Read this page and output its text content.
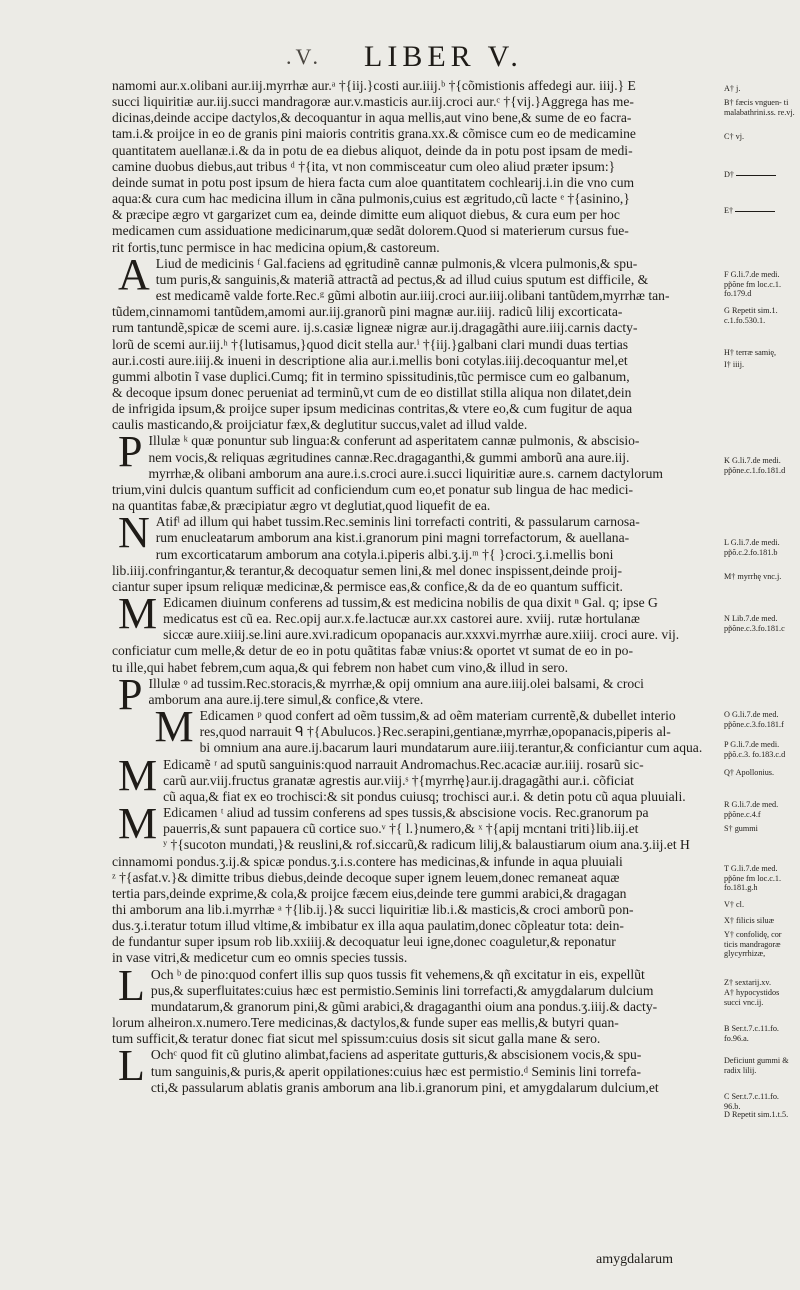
.V. LIBER V.

namomi aur.x.olibani aur.iij.myrrhæ aur.ᵃ †{iij.}costi aur.iiij.ᵇ †{cõmistionis affedegi aur. iiij.} E
succi liquiritiæ aur.iij.succi mandragoræ aur.v.masticis aur.iij.croci aur.ᶜ †{vij.}Aggrega has me-
dicinas,deinde accipe dactylos,& decoquantur in aqua mellis,aut vino bene,& sume de eo facra-
tam.i.& proijce in eo de granis pini maioris contritis grana.xx.& cõmisce cum eo de medicamine
quantitatem auellanæ.i.& da in potu de ea diebus aliquot, deinde da in potu post ipsam de medi-
camine duobus diebus,aut tribus ᵈ †{ita, vt non commisceatur cum oleo aliud præter ipsum:}
deinde sumat in potu post ipsum de hiera facta cum aloe quantitatem cochlearij.i.in die vno cum
aqua:& cura cum hac medicina illum in cãna pulmonis,cuius est ægritudo,cũ lacte ᵉ †{asinino,}
& præcipe ægro vt gargarizet cum ea, deinde dimitte eum aliquot diebus, & cura eum per hoc
medicamen cum assiduatione medicinarum,quæ sedãt dolorem.Quod si materierum cursus fue-
rit fortis,tunc permisce in hac medicina opium,& castoreum.

A Liud de medicinis ᶠ Gal.faciens ad ęgritudinẽ cannæ pulmonis,& vlcera pulmonis,& spu-
tum puris,& sanguinis,& materiã attractã ad pectus,& ad illud cuius sputum est difficile, &
est medicamẽ valde forte.Rec.ᵍ gũmi albotin aur.iiij.croci aur.iiij.olibani tantũdem,myrrhæ tan-
tũdem,cinnamomi tantũdem,amomi aur.iij.granorũ pini magnæ aur.iiij. radicũ lilij excorticata-
rum tantundẽ,spicæ de scemi aure. ij.s.casiæ ligneæ nigræ aur.ij.dragagãthi aure.iiij.carnis dacty-
lorũ de scemi aur.iij.ʰ †{lutisamus,}quod dicit stella aur.ⁱ †{iij.}galbani clari mundi duas tertias
aur.i.costi aure.iiij.& inueni in descriptione alia aur.i.mellis boni cotylas.iiij.decoquantur mel,et
gummi albotin ĩ vase duplici.Cumq; fit in termino spissitudinis,tũc permisce cum eo galbanum,
& decoque ipsum donec perueniat ad terminũ,vt cum de eo distillat stilla aliqua non dilatet,dein
de infrigida ipsum,& proijce super ipsum medicinas contritas,& vtere eo,& cum fugitur de aqua
caulis masticando,& proijciatur fæx,& deglutitur succus,valet ad illud valde.

P Illulæ ᵏ quæ ponuntur sub lingua:& conferunt ad asperitatem cannæ pulmonis, & abscisio-
nem vocis,& reliquas ægritudines cannæ.Rec.dragaganthi,& gummi amborũ ana aure.iij.
myrrhæ,& olibani amborum ana aure.i.s.croci aure.i.succi liquiritiæ aure.s. carnem dactylorum
trium,vini dulcis quantum sufficit ad conficiendum cum eo,et ponatur sub lingua de hac medici-
na quantitas fabæ,& præcipiatur ægro vt deglutiat,quod liquefit de ea.

N Atifˡ ad illum qui habet tussim.Rec.seminis lini torrefacti contriti, & passularum carnosa-
rum enucleatarum amborum ana kist.i.granorum pini magni torrefactorum, & auellana-
rum excorticatarum amborum ana cotyla.i.piperis albi.ʒ.ij.ᵐ †{ }croci.ʒ.i.mellis boni
lib.iiij.confringantur,& terantur,& decoquatur semen lini,& mel donec inspissent,deinde proij-
ciantur super ipsum reliquæ medicinæ,& permisce eas,& confice,& da de eo quantum sufficit.

M Edicamen diuinum conferens ad tussim,& est medicina nobilis de qua dixit ⁿ Gal. q; ipse G
medicatus est cũ ea. Rec.opij aur.x.fe.lactucæ aur.xx castorei aure. xviij. rutæ hortulanæ
siccæ aure.xiiij.se.lini aure.xvi.radicum opopanacis aur.xxxvi.myrrhæ aure.xiiij. croci aure. vij.
conficiatur cum melle,& detur de eo in potu quãtitas fabæ vnius:& oportet vt sumat de eo in po-
tu ille,qui habet febrem,cum aqua,& qui febrem non habet cum vino,& illud in sero.

P Illulæ ᵒ ad tussim.Rec.storacis,& myrrhæ,& opij omnium ana aure.iiij.olei balsami, & croci
amborum ana aure.ij.tere simul,& confice,& vtere.

M Edicamen ᵖ quod confert ad oẽm tussim,& ad oẽm materiam currentẽ,& dubellet interio
res,quod narrauit ᑫ †{Abulucos.}Rec.serapini,gentianæ,myrrhæ,opopanacis,piperis al-
bi omnium ana aure.ij.bacarum lauri mundatarum aure.iiij.terantur,& conficiantur cum aqua.

M Edicamẽ ʳ ad sputũ sanguinis:quod narrauit Andromachus.Rec.acaciæ aur.iiij. rosarũ sic-
carũ aur.viij.fructus granatæ agrestis aur.viij.ˢ †{myrrhę}aur.ij.dragagãthi aur.i. cõficiat
cũ aqua,& fiat ex eo trochisci:& sit pondus cuiusq; trochisci aur.i. & detin potu cũ aqua pluuiali.

M Edicamen ᵗ aliud ad tussim conferens ad spes tussis,& abscisione vocis. Rec.granorum pa
pauerris,& sunt papauera cũ cortice suo.ᵛ †{ l.}numero,& ˣ †{apij mcntani triti}lib.iij.et
ʸ †{sucoton mundati,}& reuslini,& rof.siccarũ,& radicum lilij,& balaustiarum oium ana.ʒ.iij.et H
cinnamomi pondus.ʒ.ij.& spicæ pondus.ʒ.i.s.contere has medicinas,& infunde in aqua pluuiali
ᶻ †{asfat.v.}& dimitte tribus diebus,deinde decoque super ignem leuem,donec remaneat aquæ
tertia pars,deinde exprime,& cola,& proijce fæcem eius,deinde tere gummi arabici,& dragagan
thi amborum ana lib.i.myrrhæ ᵃ †{lib.ij.}& succi liquiritiæ lib.i.& masticis,& croci amborũ pon-
dus.ʒ.i.teratur totum illud vltime,& imbibatur ex illa aqua paulatim,donec cõpleatur tota: dein-
de fundantur super ipsum rob lib.xxiiij.& decoquatur leui igne,donec coaguletur,& reponatur
in vase vitri,& medicetur cum eo omnis species tussis.

L Och ᵇ de pino:quod confert illis sup quos tussis fit vehemens,& qñ excitatur in eis, expellũt
pus,& superfluitates:cuius hæc est permistio.Seminis lini torrefacti,& amygdalarum dulcium
mundatarum,& granorum pini,& gũmi arabici,& dragaganthi oium ana pondus.ʒ.iiij.& dacty-
lorum alheiron.x.numero.Tere medicinas,& dactylos,& funde super eas mellis,& butyri quan-
tum sufficit,& teratur donec fiat sicut mel spissum:cuius dosis sit sicut galla mane & sero.

L Ochᶜ quod fit cũ glutino alimbat,faciens ad asperitate gutturis,& abscisionem vocis,& spu-
tum sanguinis,& puris,& aperit oppilationes:cuius hæc est permistio.ᵈ Seminis lini torrefa-
cti,& passularum ablatis granis amborum ana lib.i.granorum pini, et amygdalarum dulcium,et

A† j.
B† fæcis vnguen- ti malabathrini.ss. re.vj.
C† vj.
D†
E†
F G.li.7.de medi. pp̃õne fm loc.c.1. fo.179.d
G Repetit sim.1. c.1.fo.530.1.
H† terræ samię,
I† iiij.
K G.li.7.de medi. pp̃õne.c.1.fo.181.d
L G.li.7.de medi. pp̃õ.c.2.fo.181.b
M† myrrhę vnc.j.
N Lib.7.de med. pp̃õne.c.3.fo.181.c
O G.li.7.de med. pp̃õne.c.3.fo.181.f
P G.li.7.de medi. pp̃õ.c.3. fo.183.c.d
Q† Apollonius.
R G.li.7.de med. pp̃õne.c.4.f
S† gummi
T G.li.7.de med. pp̃õne fm loc.c.1. fo.181.g.h
V† cl.
X† filicis siluæ
Y† confolidę, cor ticis mandragoræ glycyrrhizæ,
Z† sextarij.xv.
A† hypocystidos succi vnc.ij.
B Ser.t.7.c.11.fo. fo.96.a.
Deficiunt gummi & radix lilij.
C Ser.t.7.c.11.fo. 96.b.
D Repetit sim.1.t.5.
amygdalarum
